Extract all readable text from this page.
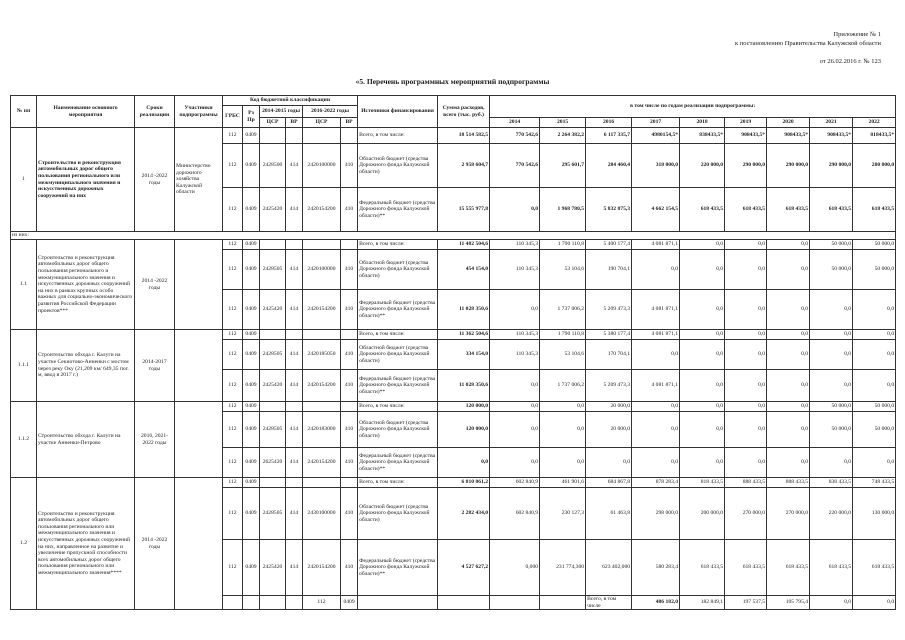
Приложение № 1
к постановлению Правительства Калужской области
от 26.02.2016 г. № 123
«5. Перечень программных мероприятий подпрограммы
№ пп	Наименование основного мероприятия	Сроки реализации	Участники подпрограммы	Код бюджетной классификации						Источники финансирования	Сумма расходов, всего (тыс. руб.)	в том числе по годам реализации подпрограммы:									
				ГРБС	Рз Пр	2014-2015 годы		2016-2022 годы													
						ЦСР	ВР	ЦСР	ВР			2014	2015	2016	2017	2018	2019	2020	2021	2022	
1	Строительство и реконструкция автомобильных дорог общего пользования регионального или межмуниципального значения и искусственных дорожных сооружений на них	2014 -2022 годы	Министерство дорожного хозяйства Калужской области	112	0409					Всего, в том числе:	18 514 582,5	770 542,6	2 264 382,2	6 117 335,7	4980154,5*	838433,5*	908433,5*	908433,5*	908433,5*	818433,5*	
				112	0409	2428500	414	2420100000	410	Областной бюджет (средства Дорожного фонда Калужской области)	2 958 604,7	770 542,6	295 601,7	284 460,4	318 000,0	220 000,0	290 000,0	290 000,0	290 000,0	200 000,0	
				112	0409	2425420	414	2420154200	410	Федеральный бюджет (средства Дорожного фонда Калужской области)**	15 555 977,8	0,0	1 968 780,5	5 832 875,3	4 662 154,5	618 433,5	618 433,5	618 433,5	618 433,5	618 433,5	
из них:																					
1.1	Строительство и реконструкция автомобильных дорог общего пользования регионального и межмуниципального значения и искусственных дорожных сооружений на них в рамках крупных особо важных для социально-экономического развития Российской Федерации проектов***	2014 -2022 годы		112	0409					Всего, в том числе:	11 482 504,6	110 345,3	1 790 110,8	5 400 177,4	4 081 871,1	0,0	0,0	0,0	50 000,0	50 000,0	
				112	0409	2428505	414	2420100000	410	Областной бюджет (средства Дорожного фонда Калужской области)	454 154,0	110 345,3	53 104,6	190 704,1	0,0	0,0	0,0	0,0	50 000,0	50 000,0	
				112	0409	2425420	414	2420154200	410	Федеральный бюджет (средства Дорожного фонда Калужской области)**	11 028 350,6	0,0	1 737 006,2	5 209 473,3	4 081 871,1	0,0	0,0	0,0	0,0	0,0	
1.1.1	Строительство обхода г. Калуги на участке Секиотово-Анненки с мостом через реку Оку (21,209 км/ 649,35 пог. м, ввод в 2017 г.)	2014-2017 годы		112	0409					Всего, в том числе:	11 362 504,6	110 345,3	1 790 110,8	5 380 177,4	4 081 871,1	0,0	0,0	0,0	0,0	0,0	
				112	0409	2428505	414	2420185050	410	Областной бюджет (средства Дорожного фонда Калужской области)	334 154,0	110 345,3	53 104,6	170 704,1	0,0	0,0	0,0	0,0	0,0	0,0	
				112	0409	2425420	414	2420154200	410	Федеральный бюджет (средства Дорожного фонда Калужской области)**	11 028 350,6	0,0	1 737 006,2	5 209 473,3	4 081 871,1	0,0	0,0	0,0	0,0	0,0	
1.1.2	Строительство обхода г. Калуги на участке Анненки-Петрово	2016, 2021-2022 годы		112	0409					Всего, в том числе:	120 000,0	0,0	0,0	20 000,0	0,0	0,0	0,0	0,0	50 000,0	50 000,0	
				112	0409	2428505	414	2420183000	410	Областной бюджет (средства Дорожного фонда Калужской области)	120 000,0	0,0	0,0	20 000,0	0,0	0,0	0,0	0,0	50 000,0	50 000,0	
				112	0409	2625420	414	2420154200	410	Федеральный бюджет (средства Дорожного фонда Калужской области)**	0,0	0,0	0,0	0,0	0,0	0,0	0,0	0,0	0,0	0,0	
1.2	Строительство и реконструкция автомобильных дорог общего пользования регионального или межмуниципального значения и искусственных дорожных сооружений на них, направленное на развитие и увеличение пропускной способности всех автомобильных дорог общего пользования регионального или межмуниципального значения****	2014 -2022 годы		112	0409					Всего, в том числе:	6 810 061,2	602 840,9	461 901,6	684 867,8	878 283,4	818 433,5	888 433,5	888 433,5	838 433,5	748 433,5	
				112	0409	2428505	414	2430100000	410	Областной бюджет (средства Дорожного фонда Калужской области)	2 282 434,0	602 840,9	230 127,3	61 463,8	298 000,0	200 000,0	270 000,0	270 000,0	220 000,0	130 000,0	
				112	0409	2425420	414	2420154200	410	Федеральный бюджет (средства Дорожного фонда Калужской области)**	4 527 627,2	0,000	231 774,300	623 402,000	580 283,4	618 433,5	618 433,5	618 433,5	618 433,5	618 433,5	
								112	0409					Всего, в том числе	486 182,0	182 849,1	197 537,5	105 795,4	0,0	0,0				
